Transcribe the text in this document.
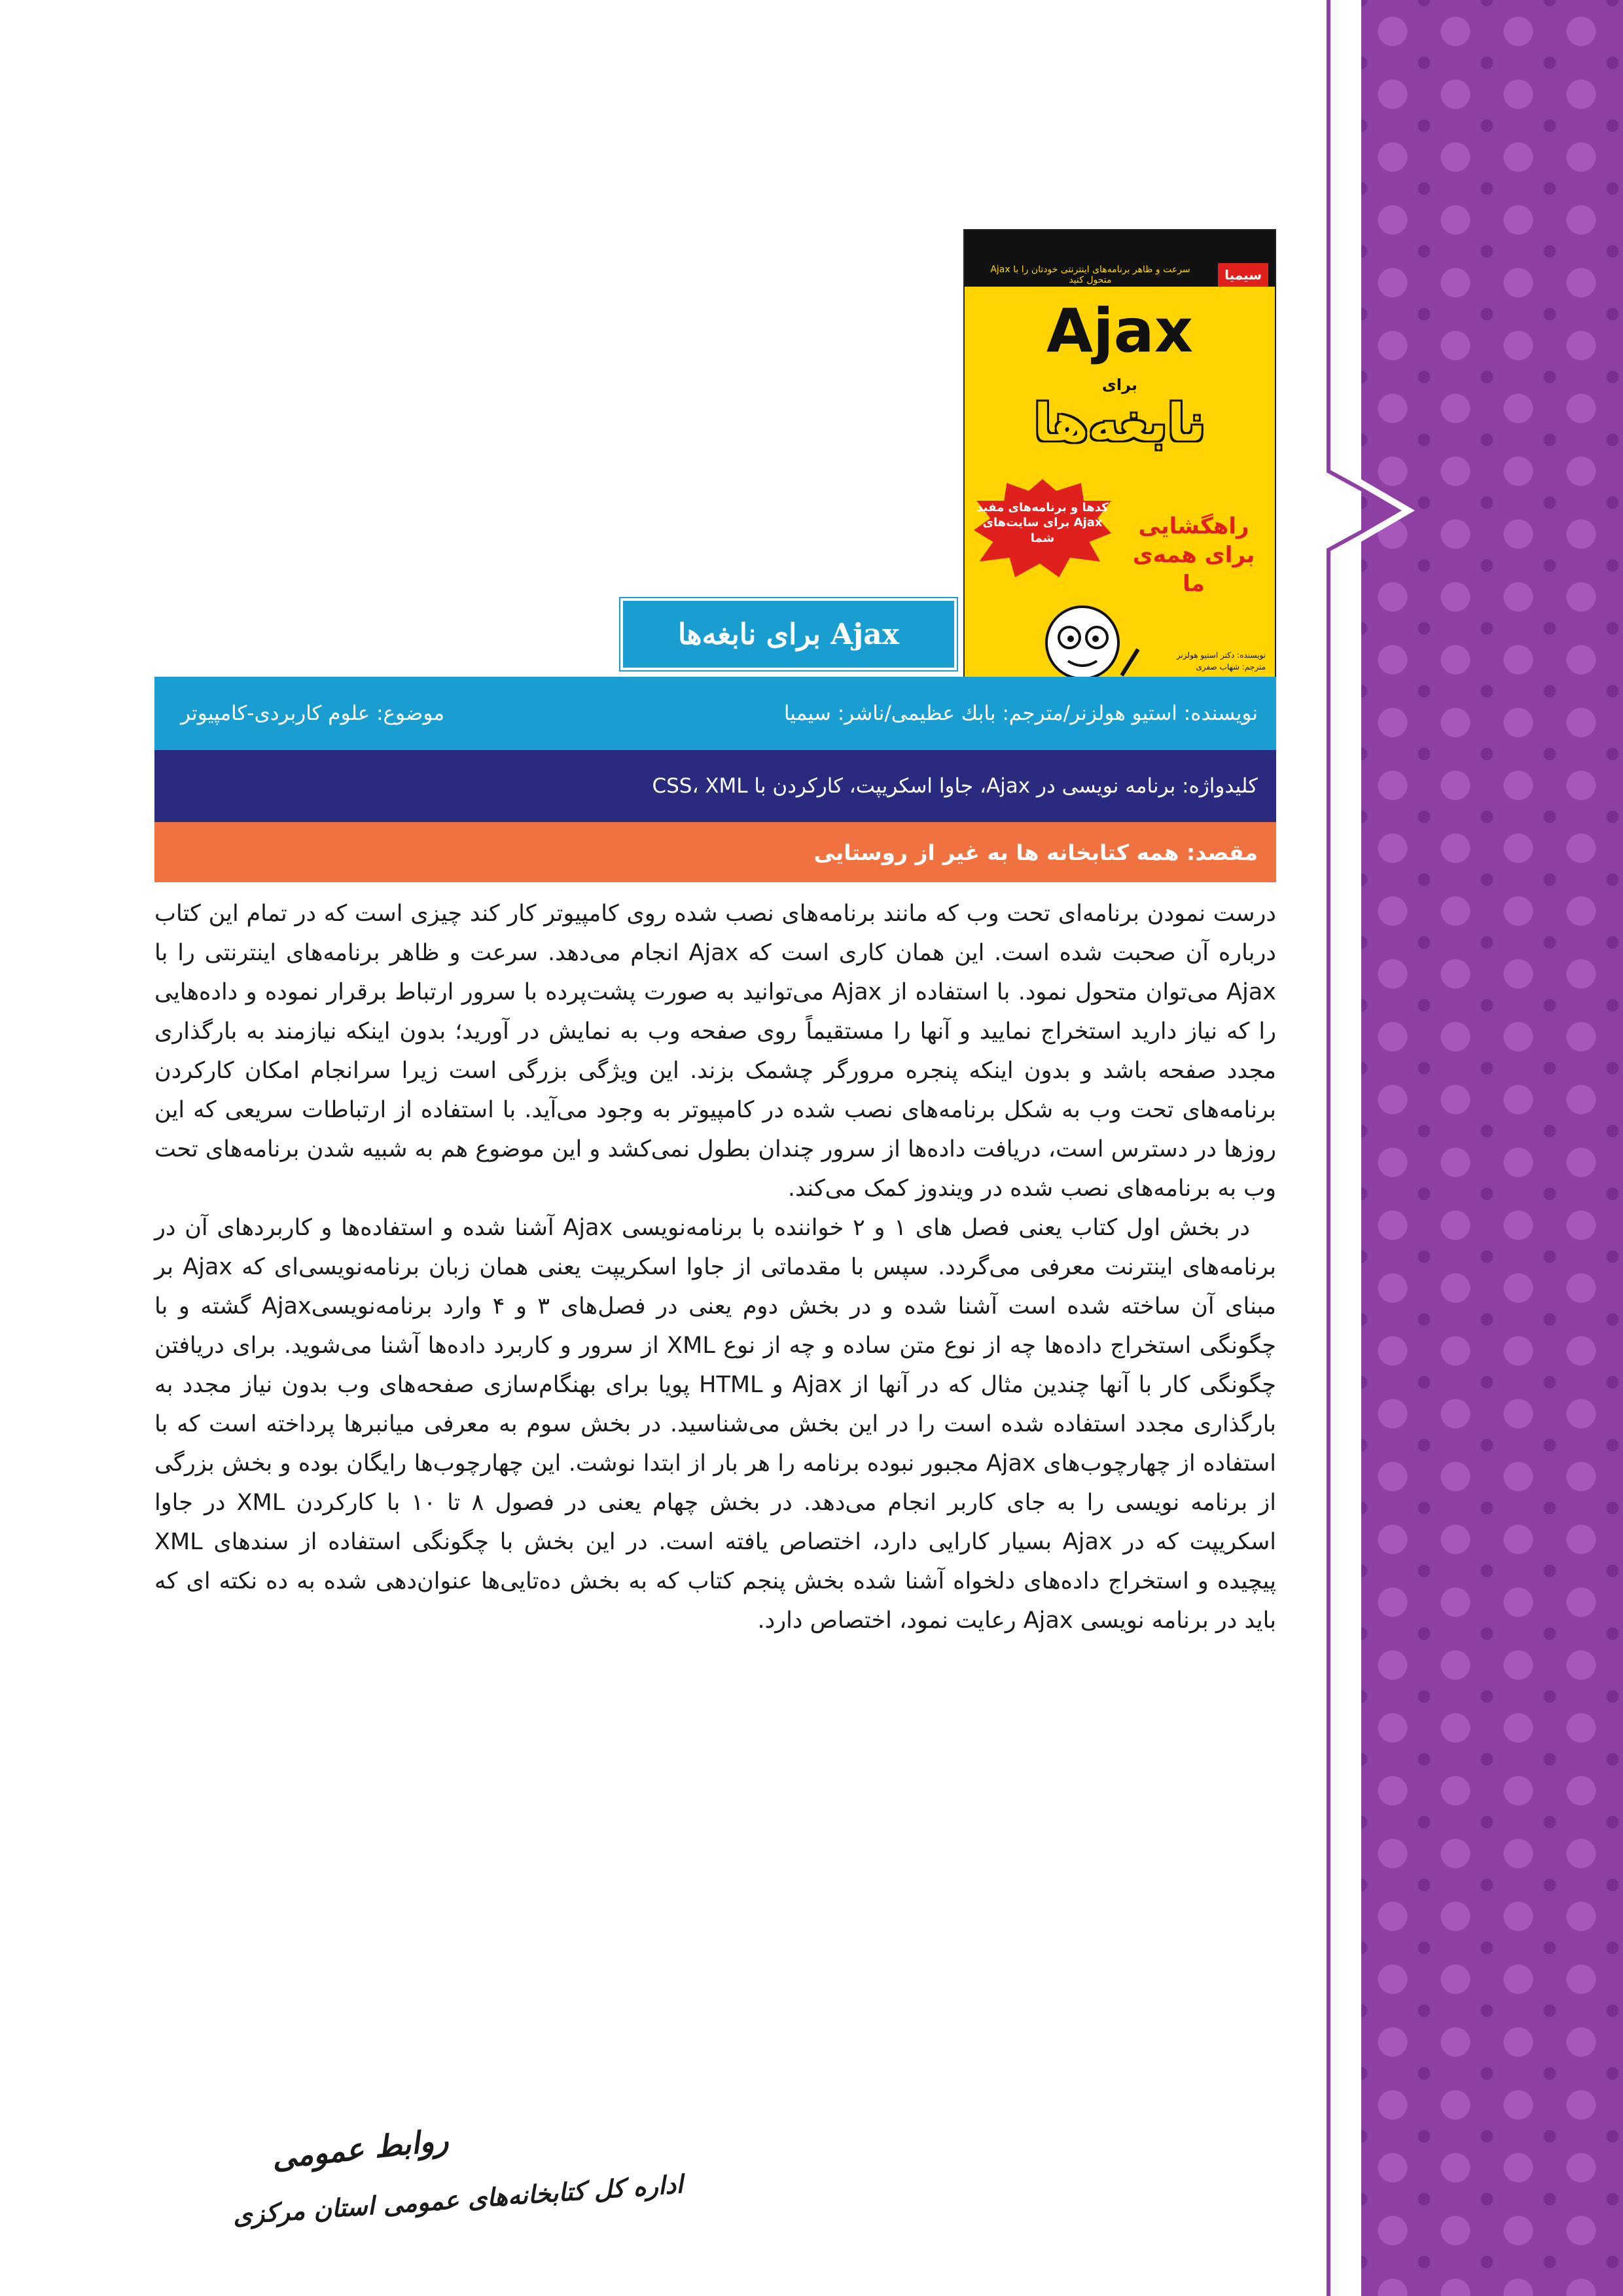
سیمیا
سرعت و ظاهر برنامه‌های اینترنتی خودتان را با Ajax متحول کنید
Ajax
برای
نابغه‌ها
کدها و برنامه‌های مفید Ajax برای سایت‌های شما	راهگشایی برای همه‌ی ما
نویسنده: دکتر استیو هولزنر
مترجم: شهاب صفری
Ajax برای نابغه‌ها
نویسنده: استیو هولزنر/مترجم: بابك عظیمی/ناشر: سیمیا
موضوع: علوم کاربردی-کامپیوتر
کلیدواژه: برنامه نویسی در Ajax، جاوا اسکریپت، کارکردن با CSS، XML
مقصد: همه کتابخانه ها به غیر از روستایی

درست نمودن برنامه‌ای تحت وب که مانند برنامه‌های نصب شده روی کامپیوتر کار کند چیزی است که در تمام این کتاب درباره آن صحبت شده است. این همان کاری است که Ajax انجام می‌دهد. سرعت و ظاهر برنامه‌های اینترنتی را با Ajax می‌توان متحول نمود. با استفاده از Ajax می‌توانید به صورت پشت‌پرده با سرور ارتباط برقرار نموده و داده‌هایی را که نیاز دارید استخراج نمایید و آنها را مستقیماً روی صفحه وب به نمایش در آورید؛ بدون اینکه نیازمند به بارگذاری مجدد صفحه باشد و بدون اینکه پنجره مرورگر چشمک بزند. این ویژگی بزرگی است زیرا سرانجام امکان کارکردن برنامه‌های تحت وب به شکل برنامه‌های نصب شده در کامپیوتر به وجود می‌آید. با استفاده از ارتباطات سریعی که این روزها در دسترس است، دریافت داده‌ها از سرور چندان بطول نمی‌کشد و این موضوع هم به شبیه شدن برنامه‌های تحت وب به برنامه‌های نصب شده در ویندوز کمک می‌کند.

در بخش اول کتاب یعنی فصل های ۱ و ۲ خواننده با برنامه‌نویسی Ajax آشنا شده و استفاده‌ها و کاربردهای آن در برنامه‌های اینترنت معرفی می‌گردد. سپس با مقدماتی از جاوا اسکریپت یعنی همان زبان برنامه‌نویسی‌ای که Ajax بر مبنای آن ساخته شده است آشنا شده و در بخش دوم یعنی در فصل‌های ۳ و ۴ وارد برنامه‌نویسیAjax گشته و با چگونگی استخراج داده‌ها چه از نوع متن ساده و چه از نوع XML از سرور و کاربرد داده‌ها آشنا می‌شوید. برای دریافتن چگونگی کار با آنها چندین مثال که در آنها از Ajax و HTML پویا برای بهنگام‌سازی صفحه‌های وب بدون نیاز مجدد به بارگذاری مجدد استفاده شده است را در این بخش می‌شناسید. در بخش سوم به معرفی میانبرها پرداخته است که با استفاده از چهارچوب‌های Ajax مجبور نبوده برنامه را هر بار از ابتدا نوشت. این چهارچوب‌ها رایگان بوده و بخش بزرگی از برنامه نویسی را به جای کاربر انجام می‌دهد. در بخش چهام یعنی در فصول ۸ تا ۱۰ با کارکردن XML در جاوا اسکریپت که در Ajax بسیار کارایی دارد، اختصاص یافته است. در این بخش با چگونگی استفاده از سندهای XML پیچیده و استخراج داده‌های دلخواه آشنا شده بخش پنجم کتاب که به بخش ده‌تایی‌ها عنوان‌دهی شده به ده نکته ای که باید در برنامه نویسی Ajax رعایت نمود، اختصاص دارد.

روابط عمومی
اداره کل کتابخانه‌های عمومی استان مرکزی
